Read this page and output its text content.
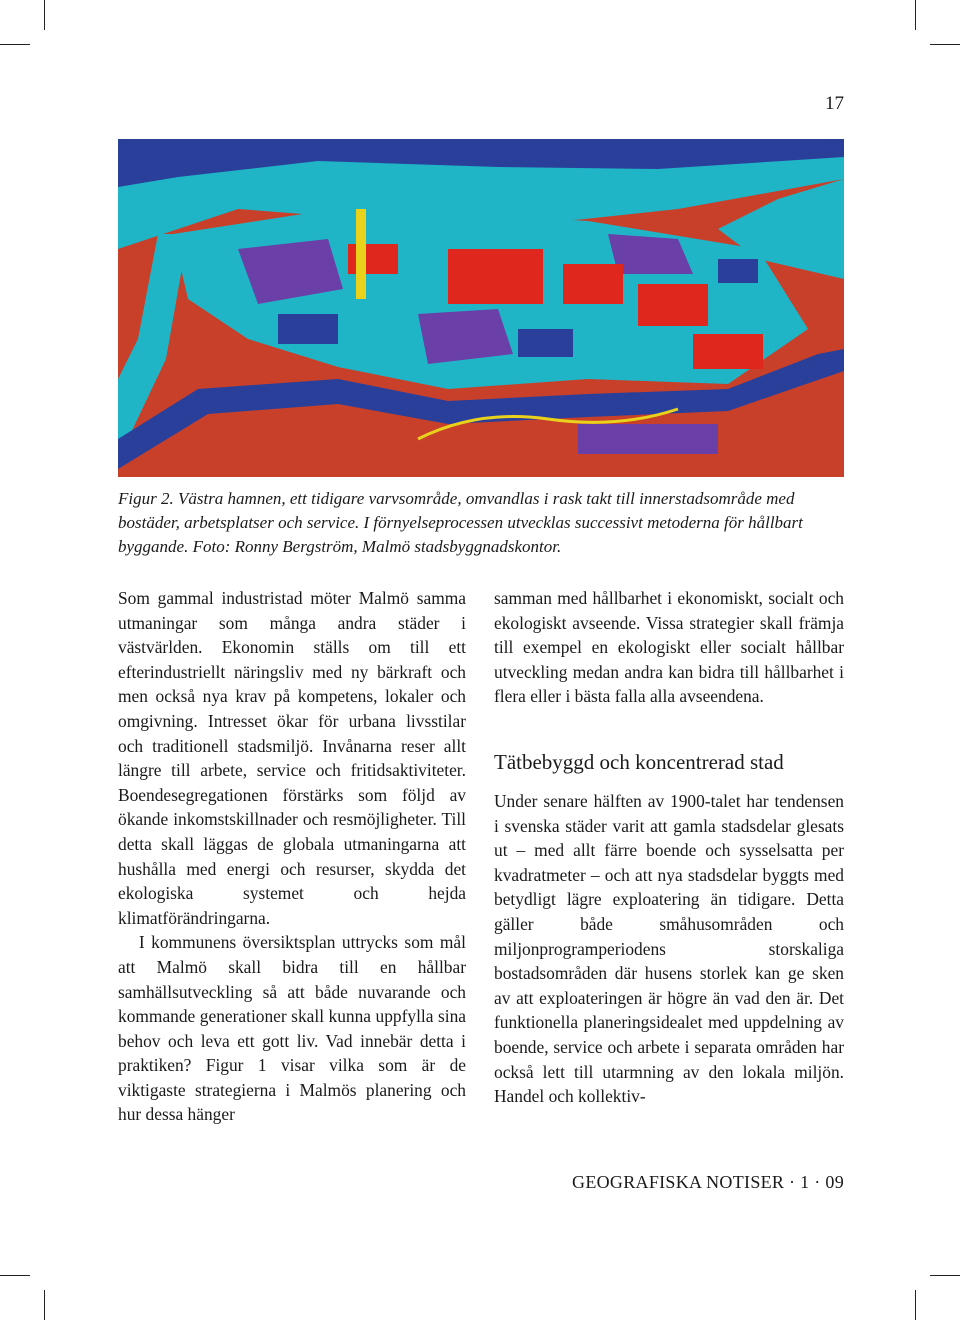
17

Figur 2. Västra hamnen, ett tidigare varvsområde, omvandlas i rask takt till innerstadsområde med bostäder, arbetsplatser och service. I förnyelseprocessen utvecklas successivt metoderna för hållbart byggande. Foto: Ronny Bergström, Malmö stadsbyggnadskontor.

Som gammal industristad möter Malmö samma utmaningar som många andra städer i västvärlden. Ekonomin ställs om till ett efterindustriellt näringsliv med ny bärkraft och men också nya krav på kompetens, lokaler och omgivning. Intresset ökar för urbana livsstilar och traditionell stadsmiljö. Invånarna reser allt längre till arbete, service och fritidsaktiviteter. Boendesegregationen förstärks som följd av ökande inkomstskillnader och resmöjligheter. Till detta skall läggas de globala utmaningarna att hushålla med energi och resurser, skydda det ekologiska systemet och hejda klimatförändringarna.

I kommunens översiktsplan uttrycks som mål att Malmö skall bidra till en hållbar samhällsutveckling så att både nuvarande och kommande generationer skall kunna uppfylla sina behov och leva ett gott liv. Vad innebär detta i praktiken? Figur 1 visar vilka som är de viktigaste strategierna i Malmös planering och hur dessa hänger

samman med hållbarhet i ekonomiskt, socialt och ekologiskt avseende. Vissa strategier skall främja till exempel en ekologiskt eller socialt hållbar utveckling medan andra kan bidra till hållbarhet i flera eller i bästa falla alla avseendena.

Tätbebyggd och koncentrerad stad

Under senare hälften av 1900-talet har tendensen i svenska städer varit att gamla stadsdelar glesats ut – med allt färre boende och sysselsatta per kvadratmeter – och att nya stadsdelar byggts med betydligt lägre exploatering än tidigare. Detta gäller både småhusområden och miljonprogramperiodens storskaliga bostadsområden där husens storlek kan ge sken av att exploateringen är högre än vad den är. Det funktionella planeringsidealet med uppdelning av boende, service och arbete i separata områden har också lett till utarmning av den lokala miljön. Handel och kollektiv-

GEOGRAFISKA NOTISER · 1 · 09
